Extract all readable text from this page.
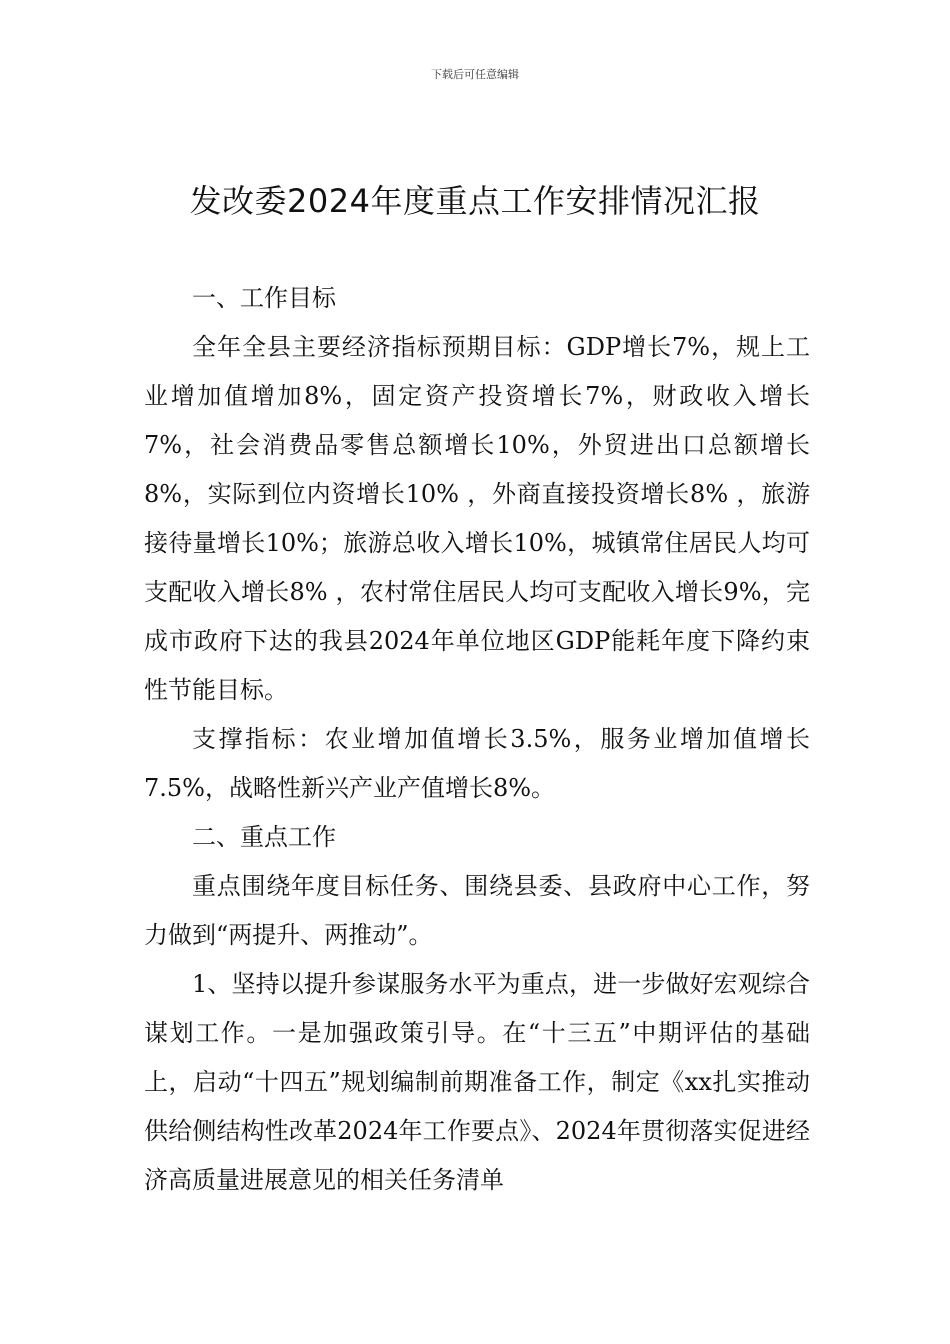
下载后可任意编辑
发改委2024年度重点工作安排情况汇报

一、工作目标

全年全县主要经济指标预期目标：GDP增长7%，规上工业增加值增加8%，固定资产投资增长7%，财政收入增长7%，社会消费品零售总额增长10%，外贸进出口总额增长8%，实际到位内资增长10% ，外商直接投资增长8% ，旅游接待量增长10%；旅游总收入增长10%，城镇常住居民人均可支配收入增长8% ，农村常住居民人均可支配收入增长9%，完成市政府下达的我县2024年单位地区GDP能耗年度下降约束性节能目标。

支撑指标：农业增加值增长3.5%，服务业增加值增长7.5%，战略性新兴产业产值增长8%。

二、重点工作

重点围绕年度目标任务、围绕县委、县政府中心工作，努力做到“两提升、两推动”。

1、坚持以提升参谋服务水平为重点，进一步做好宏观综合谋划工作。一是加强政策引导。在“十三五”中期评估的基础上，启动“十四五”规划编制前期准备工作，制定《xx扎实推动供给侧结构性改革2024年工作要点》、2024年贯彻落实促进经济高质量进展意见的相关任务清单
